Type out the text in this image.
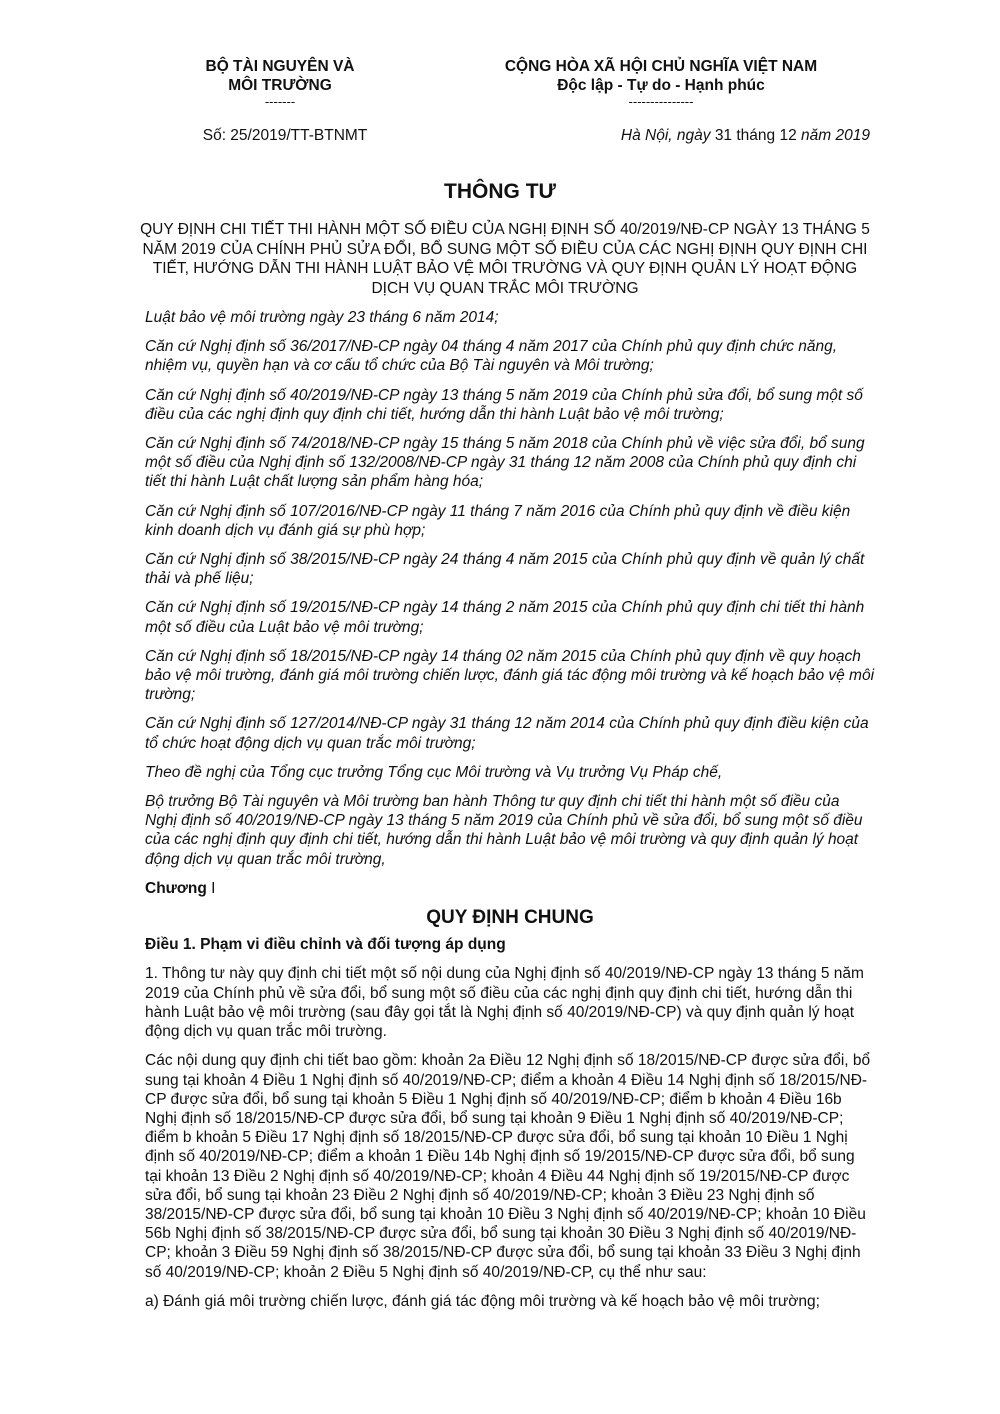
BỘ TÀI NGUYÊN VÀ
MÔI TRƯỜNG
-------
CỘNG HÒA XÃ HỘI CHỦ NGHĨA VIỆT NAM
Độc lập - Tự do - Hạnh phúc
---------------
Số: 25/2019/TT-BTNMT	Hà Nội, ngày 31 tháng 12 năm 2019
THÔNG TƯ
QUY ĐỊNH CHI TIẾT THI HÀNH MỘT SỐ ĐIỀU CỦA NGHỊ ĐỊNH SỐ 40/2019/NĐ-CP NGÀY 13 THÁNG 5 NĂM 2019 CỦA CHÍNH PHỦ SỬA ĐỔI, BỔ SUNG MỘT SỐ ĐIỀU CỦA CÁC NGHỊ ĐỊNH QUY ĐỊNH CHI TIẾT, HƯỚNG DẪN THI HÀNH LUẬT BẢO VỆ MÔI TRƯỜNG VÀ QUY ĐỊNH QUẢN LÝ HOẠT ĐỘNG DỊCH VỤ QUAN TRẮC MÔI TRƯỜNG

Luật bảo vệ môi trường ngày 23 tháng 6 năm 2014;

Căn cứ Nghị định số 36/2017/NĐ-CP ngày 04 tháng 4 năm 2017 của Chính phủ quy định chức năng, nhiệm vụ, quyền hạn và cơ cấu tổ chức của Bộ Tài nguyên và Môi trường;

Căn cứ Nghị định số 40/2019/NĐ-CP ngày 13 tháng 5 năm 2019 của Chính phủ sửa đổi, bổ sung một số điều của các nghị định quy định chi tiết, hướng dẫn thi hành Luật bảo vệ môi trường;

Căn cứ Nghị định số 74/2018/NĐ-CP ngày 15 tháng 5 năm 2018 của Chính phủ về việc sửa đổi, bổ sung một số điều của Nghị định số 132/2008/NĐ-CP ngày 31 tháng 12 năm 2008 của Chính phủ quy định chi tiết thi hành Luật chất lượng sản phẩm hàng hóa;

Căn cứ Nghị định số 107/2016/NĐ-CP ngày 11 tháng 7 năm 2016 của Chính phủ quy định về điều kiện kinh doanh dịch vụ đánh giá sự phù hợp;

Căn cứ Nghị định số 38/2015/NĐ-CP ngày 24 tháng 4 năm 2015 của Chính phủ quy định về quản lý chất thải và phế liệu;

Căn cứ Nghị định số 19/2015/NĐ-CP ngày 14 tháng 2 năm 2015 của Chính phủ quy định chi tiết thi hành một số điều của Luật bảo vệ môi trường;

Căn cứ Nghị định số 18/2015/NĐ-CP ngày 14 tháng 02 năm 2015 của Chính phủ quy định về quy hoạch bảo vệ môi trường, đánh giá môi trường chiến lược, đánh giá tác động môi trường và kế hoạch bảo vệ môi trường;

Căn cứ Nghị định số 127/2014/NĐ-CP ngày 31 tháng 12 năm 2014 của Chính phủ quy định điều kiện của tổ chức hoạt động dịch vụ quan trắc môi trường;

Theo đề nghị của Tổng cục trưởng Tổng cục Môi trường và Vụ trưởng Vụ Pháp chế,

Bộ trưởng Bộ Tài nguyên và Môi trường ban hành Thông tư quy định chi tiết thi hành một số điều của Nghị định số 40/2019/NĐ-CP ngày 13 tháng 5 năm 2019 của Chính phủ về sửa đổi, bổ sung một số điều của các nghị định quy định chi tiết, hướng dẫn thi hành Luật bảo vệ môi trường và quy định quản lý hoạt động dịch vụ quan trắc môi trường,

Chương I

QUY ĐỊNH CHUNG

Điều 1. Phạm vi điều chỉnh và đối tượng áp dụng

1. Thông tư này quy định chi tiết một số nội dung của Nghị định số 40/2019/NĐ-CP ngày 13 tháng 5 năm 2019 của Chính phủ về sửa đổi, bổ sung một số điều của các nghị định quy định chi tiết, hướng dẫn thi hành Luật bảo vệ môi trường (sau đây gọi tắt là Nghị định số 40/2019/NĐ-CP) và quy định quản lý hoạt động dịch vụ quan trắc môi trường.

Các nội dung quy định chi tiết bao gồm: khoản 2a Điều 12 Nghị định số 18/2015/NĐ-CP được sửa đổi, bổ sung tại khoản 4 Điều 1 Nghị định số 40/2019/NĐ-CP; điểm a khoản 4 Điều 14 Nghị định số 18/2015/NĐ-CP được sửa đổi, bổ sung tại khoản 5 Điều 1 Nghị định số 40/2019/NĐ-CP; điểm b khoản 4 Điều 16b Nghị định số 18/2015/NĐ-CP được sửa đổi, bổ sung tại khoản 9 Điều 1 Nghị định số 40/2019/NĐ-CP; điểm b khoản 5 Điều 17 Nghị định số 18/2015/NĐ-CP được sửa đổi, bổ sung tại khoản 10 Điều 1 Nghị định số 40/2019/NĐ-CP; điểm a khoản 1 Điều 14b Nghị định số 19/2015/NĐ-CP được sửa đổi, bổ sung tại khoản 13 Điều 2 Nghị định số 40/2019/NĐ-CP; khoản 4 Điều 44 Nghị định số 19/2015/NĐ-CP được sửa đổi, bổ sung tại khoản 23 Điều 2 Nghị định số 40/2019/NĐ-CP; khoản 3 Điều 23 Nghị định số 38/2015/NĐ-CP được sửa đổi, bổ sung tại khoản 10 Điều 3 Nghị định số 40/2019/NĐ-CP; khoản 10 Điều 56b Nghị định số 38/2015/NĐ-CP được sửa đổi, bổ sung tại khoản 30 Điều 3 Nghị định số 40/2019/NĐ-CP; khoản 3 Điều 59 Nghị định số 38/2015/NĐ-CP được sửa đổi, bổ sung tại khoản 33 Điều 3 Nghị định số 40/2019/NĐ-CP; khoản 2 Điều 5 Nghị định số 40/2019/NĐ-CP, cụ thể như sau:

a) Đánh giá môi trường chiến lược, đánh giá tác động môi trường và kế hoạch bảo vệ môi trường;
